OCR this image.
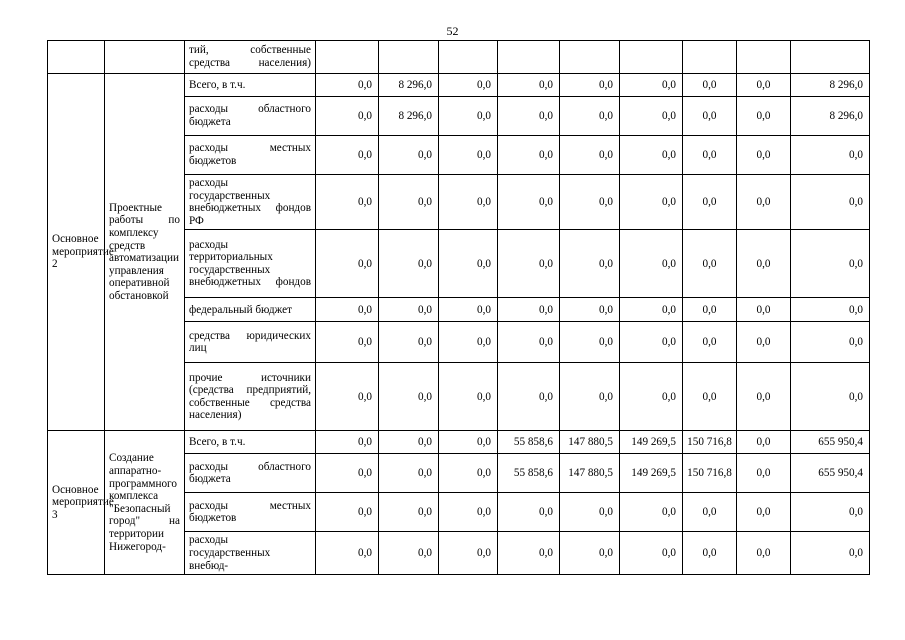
52
		тий, собственные средства населения)									
Основное мероприятие 2	Проектные работы по комплексу средств автоматизации управления оперативной обстановкой	Всего, в т.ч.	0,0	8 296,0	0,0	0,0	0,0	0,0	0,0	0,0	8 296,0
		расходы областного бюджета	0,0	8 296,0	0,0	0,0	0,0	0,0	0,0	0,0	8 296,0
		расходы местных бюджетов	0,0	0,0	0,0	0,0	0,0	0,0	0,0	0,0	0,0
		расходы государственных внебюджетных фондов РФ	0,0	0,0	0,0	0,0	0,0	0,0	0,0	0,0	0,0
		расходы территориальных государственных внебюджетных фондов	0,0	0,0	0,0	0,0	0,0	0,0	0,0	0,0	0,0
		федеральный бюджет	0,0	0,0	0,0	0,0	0,0	0,0	0,0	0,0	0,0
		средства юридических лиц	0,0	0,0	0,0	0,0	0,0	0,0	0,0	0,0	0,0
		прочие источники (средства предприятий, собственные средства населения)	0,0	0,0	0,0	0,0	0,0	0,0	0,0	0,0	0,0
Основное мероприятие 3	Создание аппаратно-программного комплекса "Безопасный город" на территории Нижегород-	Всего, в т.ч.	0,0	0,0	0,0	55 858,6	147 880,5	149 269,5	150 716,8	0,0	655 950,4
		расходы областного бюджета	0,0	0,0	0,0	55 858,6	147 880,5	149 269,5	150 716,8	0,0	655 950,4
		расходы местных бюджетов	0,0	0,0	0,0	0,0	0,0	0,0	0,0	0,0	0,0
		расходы государственных внебюд-	0,0	0,0	0,0	0,0	0,0	0,0	0,0	0,0	0,0
